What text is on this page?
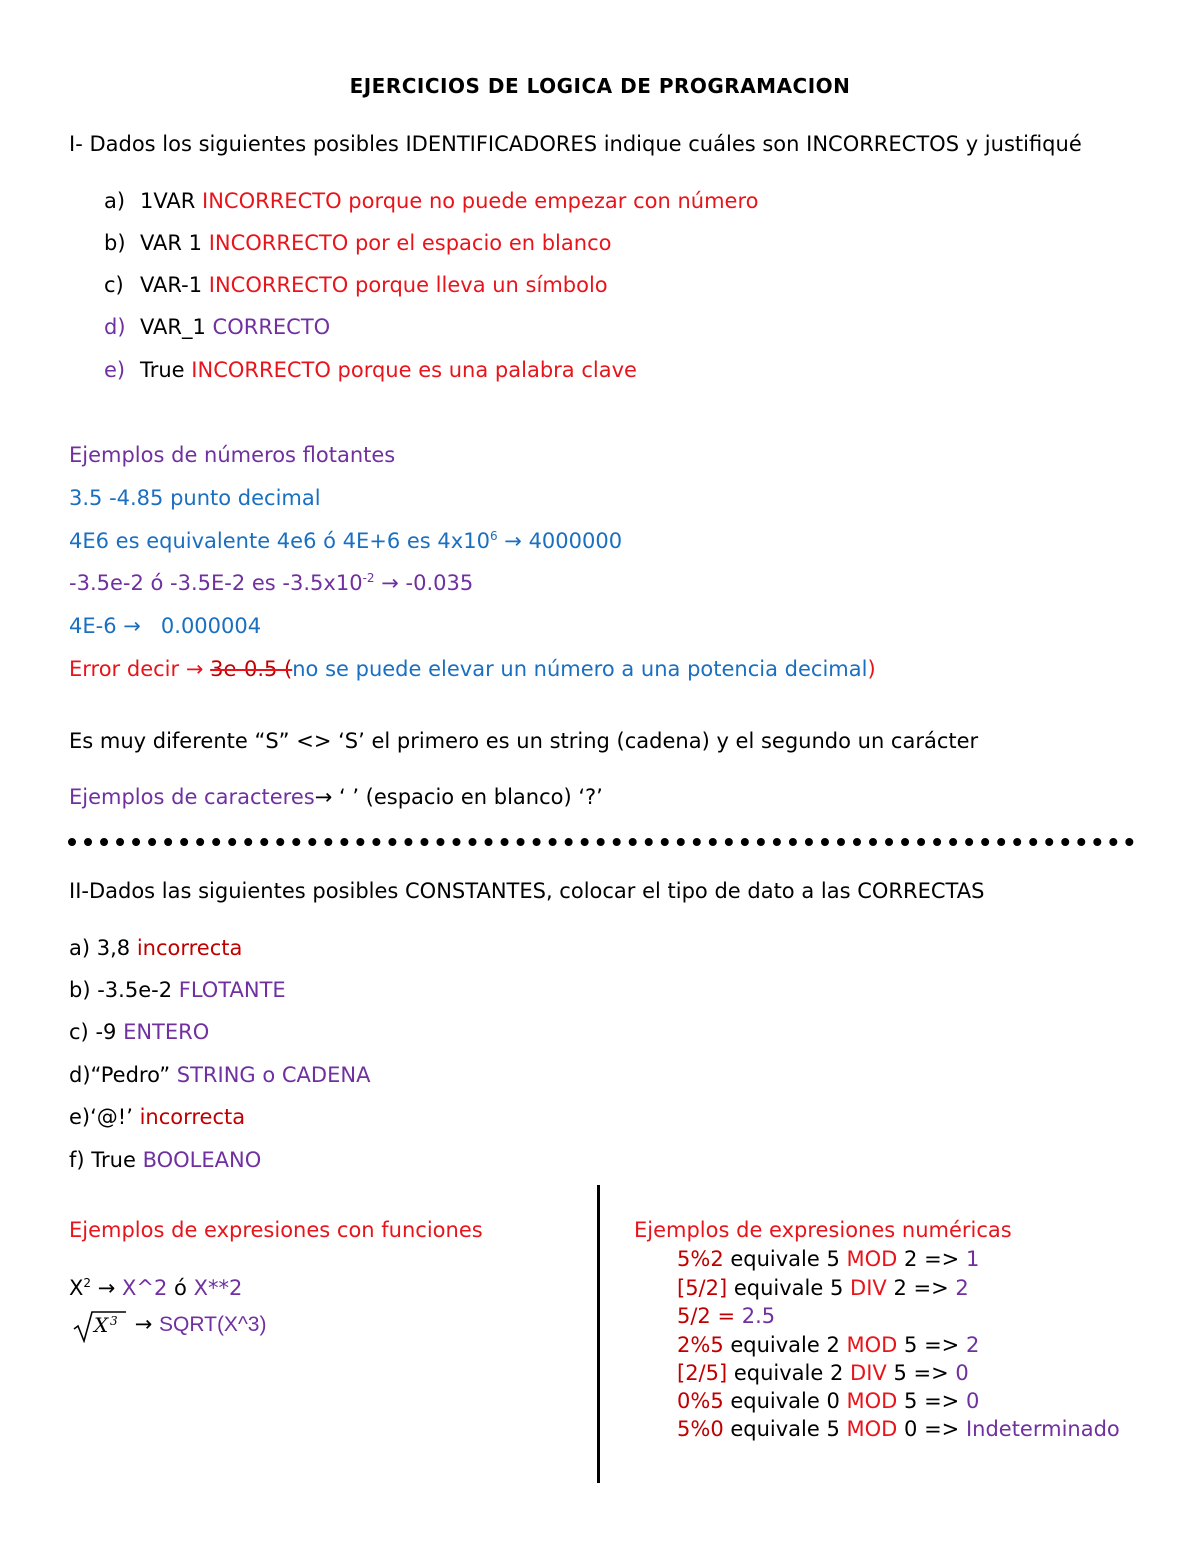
EJERCICIOS DE LOGICA DE PROGRAMACION
I- Dados los siguientes posibles IDENTIFICADORES indique cuáles son INCORRECTOS y justifiqué
a) 1VAR INCORRECTO porque no puede empezar con número
b) VAR 1 INCORRECTO por el espacio en blanco
c) VAR-1 INCORRECTO porque lleva un símbolo
d) VAR_1 CORRECTO
e) True INCORRECTO porque es una palabra clave
Ejemplos de números flotantes
3.5 -4.85 punto decimal
4E6 es equivalente 4e6 ó 4E+6 es $4x10^6 \to 4000000$
-3.5e-2 ó -3.5E-2 es $-3.5x10^{-2} \to -0.035$
4E-6 → 0.000004
Error decir → 3e-0.5 (no se puede elevar un número a una potencia decimal)
Es muy diferente “S” <> ‘S’ el primero es un string (cadena) y el segundo un carácter
Ejemplos de caracteres→ ‘ ’ (espacio en blanco) ‘?’
II-Dados las siguientes posibles CONSTANTES, colocar el tipo de dato a las CORRECTAS
a) 3,8 incorrecta
b) -3.5e-2 FLOTANTE
c) -9 ENTERO
d)“Pedro” STRING o CADENA
e)‘@!’ incorrecta
f) True BOOLEANO
Ejemplos de expresiones con funciones
$X^2$ → X^2 ó X**2
X 3 → SQRT(X^3)
Ejemplos de expresiones numéricas
5%2 equivale 5 MOD 2 => 1
[5/2] equivale 5 DIV 2 => 2
5/2 = 2.5
2%5 equivale 2 MOD 5 => 2
[2/5] equivale 2 DIV 5 => 0
0%5 equivale 0 MOD 5 => 0
5%0 equivale 5 MOD 0 => Indeterminado
